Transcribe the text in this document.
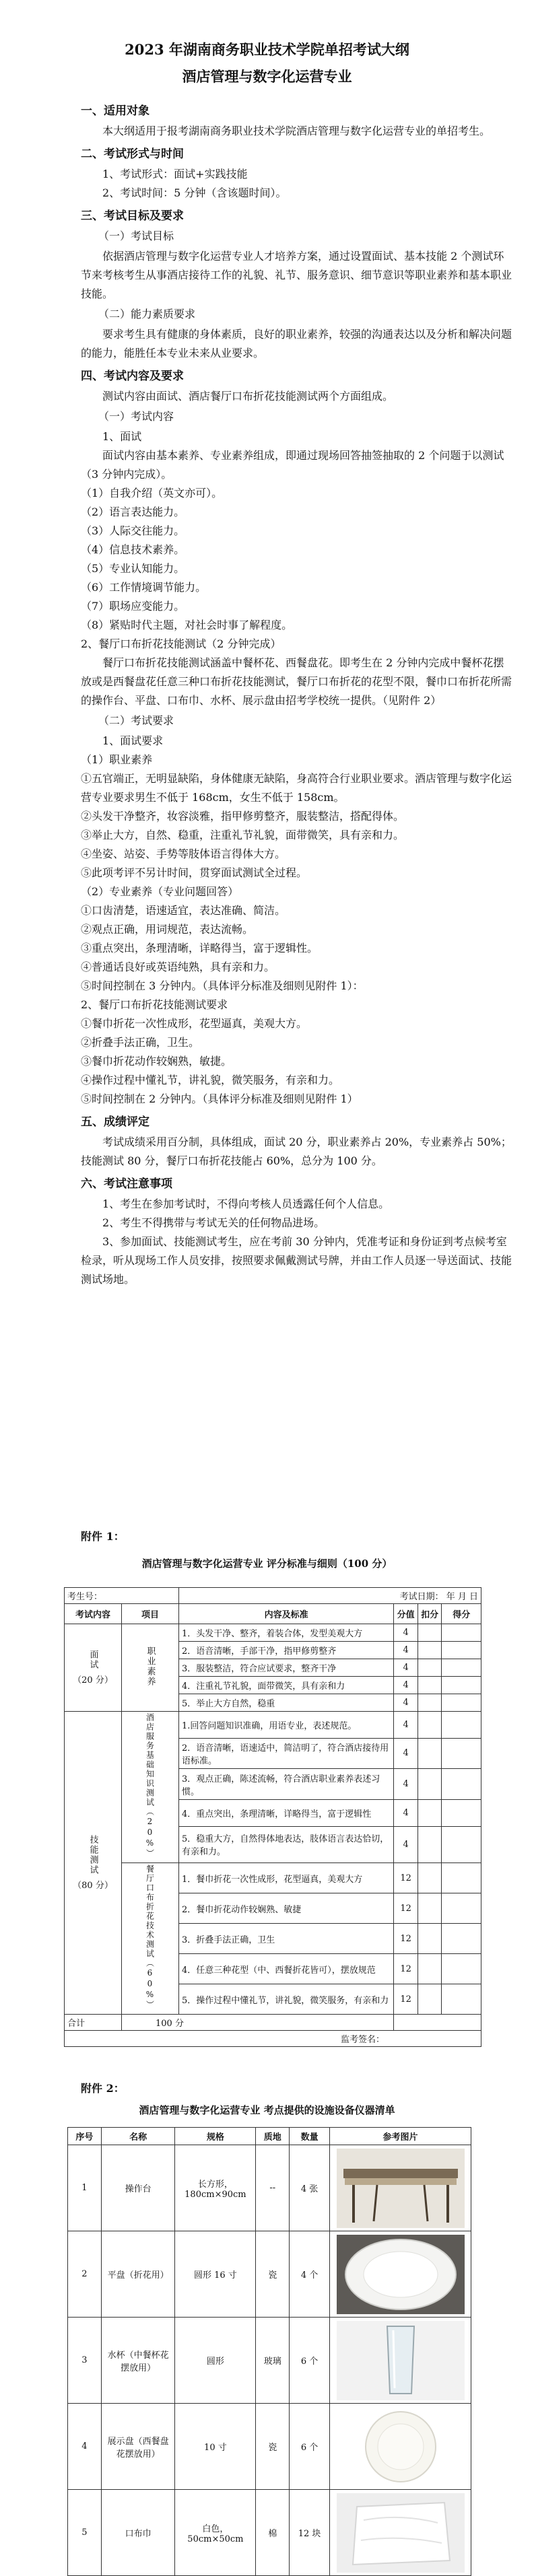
2023 年湖南商务职业技术学院单招考试大纲
酒店管理与数字化运营专业

一、适用对象

本大纲适用于报考湖南商务职业技术学院酒店管理与数字化运营专业的单招考生。

二、考试形式与时间

1、考试形式：面试+实践技能

2、考试时间：5 分钟（含该题时间）。

三、考试目标及要求

（一）考试目标

依据酒店管理与数字化运营专业人才培养方案，通过设置面试、基本技能 2 个测试环节来考核考生从事酒店接待工作的礼貌、礼节、服务意识、细节意识等职业素养和基本职业技能。

（二）能力素质要求

要求考生具有健康的身体素质，良好的职业素养，较强的沟通表达以及分析和解决问题的能力，能胜任本专业未来从业要求。

四、考试内容及要求

测试内容由面试、酒店餐厅口布折花技能测试两个方面组成。

（一）考试内容

1、面试

面试内容由基本素养、专业素养组成，即通过现场回答抽签抽取的 2 个问题于以测试（3 分钟内完成）。

（1）自我介绍（英文亦可）。

（2）语言表达能力。

（3）人际交往能力。

（4）信息技术素养。

（5）专业认知能力。

（6）工作情境调节能力。

（7）职场应变能力。

（8）紧贴时代主题，对社会时事了解程度。

2、餐厅口布折花技能测试（2 分钟完成）

餐厅口布折花技能测试涵盖中餐杯花、西餐盘花。即考生在 2 分钟内完成中餐杯花摆放或是西餐盘花任意三种口布折花技能测试，餐厅口布折花的花型不限，餐巾口布折花所需的操作台、平盘、口布巾、水杯、展示盘由招考学校统一提供。（见附件 2）

（二）考试要求

1、面试要求

（1）职业素养

①五官端正，无明显缺陷，身体健康无缺陷，身高符合行业职业要求。酒店管理与数字化运营专业要求男生不低于 168cm，女生不低于 158cm。

②头发干净整齐，妆容淡雅，指甲修剪整齐，服装整洁，搭配得体。

③举止大方，自然、稳重，注重礼节礼貌，面带微笑，具有亲和力。

④坐姿、站姿、手势等肢体语言得体大方。

⑤此项考评不另计时间，贯穿面试测试全过程。

（2）专业素养（专业问题回答）

①口齿清楚，语速适宜，表达准确、简洁。

②观点正确，用词规范，表达流畅。

③重点突出，条理清晰，详略得当，富于逻辑性。

④普通话良好或英语纯熟，具有亲和力。

⑤时间控制在 3 分钟内。（具体评分标准及细则见附件 1）：

2、餐厅口布折花技能测试要求

①餐巾折花一次性成形，花型逼真，美观大方。

②折叠手法正确，卫生。

③餐巾折花动作较娴熟，敏捷。

④操作过程中懂礼节，讲礼貌，微笑服务，有亲和力。

⑤时间控制在 2 分钟内。（具体评分标准及细则见附件 1）

五、成绩评定

考试成绩采用百分制，具体组成，面试 20 分，职业素养占 20%，专业素养占 50%；技能测试 80 分，餐厅口布折花技能占 60%，总分为 100 分。

六、考试注意事项

1、考生在参加考试时，不得向考核人员透露任何个人信息。

2、考生不得携带与考试无关的任何物品进场。

3、参加面试、技能测试考生，应在考前 30 分钟内，凭准考证和身份证到考点候考室检录，听从现场工作人员安排，按照要求佩戴测试号牌，并由工作人员逐一导送面试、技能测试场地。

附件 1：

酒店管理与数字化运营专业 评分标准与细则（100 分）

考生号：		考试日期： 年 月 日			
考试内容	项目	内容及标准	分值	扣分	得分
面试
（20 分）	职业素养	1．头发干净、整齐，着装合体，发型美观大方	4		
		2．语音清晰，手部干净，指甲修剪整齐	4		
		3．服装整洁，符合应试要求，整齐干净	4		
		4．注重礼节礼貌，面带微笑，具有亲和力	4		
		5．举止大方自然，稳重	4		
技能测试
（80 分）	酒店服务基础知识测试（20%）	1.回答问题知识准确，用语专业，表述规范。	4		
		2．语音清晰，语速适中，简洁明了，符合酒店接待用语标准。	4		
		3．观点正确，陈述流畅，符合酒店职业素养表述习惯。	4		
		4．重点突出，条理清晰，详略得当，富于逻辑性	4		
		5．稳重大方，自然得体地表达，肢体语言表达恰切，有亲和力。	4		
	餐厅口布折花技术测试（60%）	1．餐巾折花一次性成形，花型逼真，美观大方	12		
		2．餐巾折花动作较娴熟、敏捷	12		
		3．折叠手法正确，卫生	12		
		4．任意三种花型（中、西餐折花皆可），摆放规范	12		
		5．操作过程中懂礼节，讲礼貌，微笑服务，有亲和力	12		
合计	100 分				
监考签名：					

附件 2：

酒店管理与数字化运营专业 考点提供的设施设备仪器清单

序号	名称	规格	质地	数量	参考图片
1	操作台	长方形，180cm×90cm	--	4 张	

2	平盘（折花用）	圆形 16 寸	瓷	4 个	

3	水杯（中餐杯花摆放用）	圆形	玻璃	6 个	

4	展示盘（西餐盘花摆放用）	10 寸	瓷	6 个	

5	口布巾	白色，50cm×50cm	棉	12 块	
